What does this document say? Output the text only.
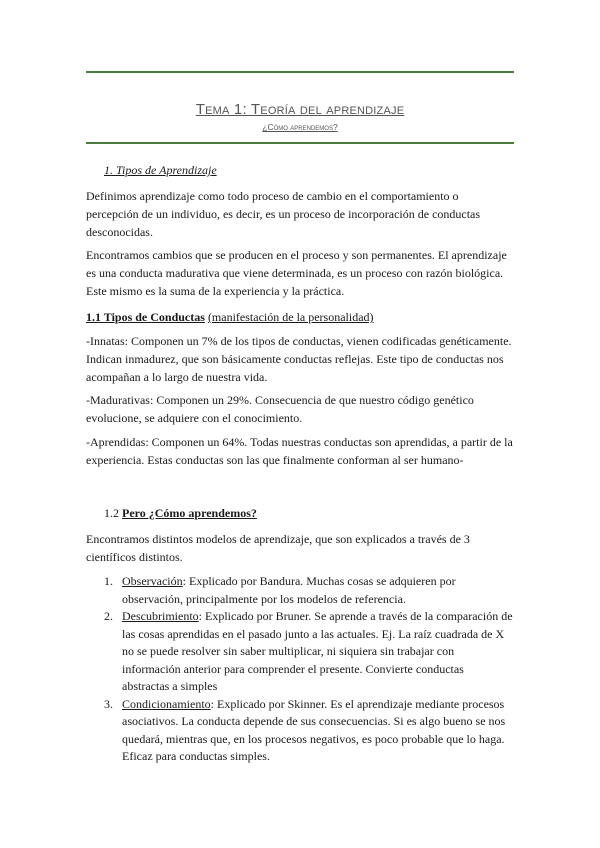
Tema 1: Teoría del aprendizaje
¿Cómo aprendemos?
1. Tipos de Aprendizaje

Definimos aprendizaje como todo proceso de cambio en el comportamiento o percepción de un individuo, es decir, es un proceso de incorporación de conductas desconocidas.

Encontramos cambios que se producen en el proceso y son permanentes. El aprendizaje es una conducta madurativa que viene determinada, es un proceso con razón biológica. Este mismo es la suma de la experiencia y la práctica.

1.1 Tipos de Conductas (manifestación de la personalidad)

-Innatas: Componen un 7% de los tipos de conductas, vienen codificadas genéticamente. Indican inmadurez, que son básicamente conductas reflejas. Este tipo de conductas nos acompañan a lo largo de nuestra vida.

-Madurativas: Componen un 29%. Consecuencia de que nuestro código genético evolucione, se adquiere con el conocimiento.

-Aprendidas: Componen un 64%. Todas nuestras conductas son aprendidas, a partir de la experiencia. Estas conductas son las que finalmente conforman al ser humano-

1.2 Pero ¿Cómo aprendemos?

Encontramos distintos modelos de aprendizaje, que son explicados a través de 3 científicos distintos.

1. Observación: Explicado por Bandura. Muchas cosas se adquieren por observación, principalmente por los modelos de referencia.
2. Descubrimiento: Explicado por Bruner. Se aprende a través de la comparación de las cosas aprendidas en el pasado junto a las actuales. Ej. La raíz cuadrada de X no se puede resolver sin saber multiplicar, ni siquiera sin trabajar con información anterior para comprender el presente. Convierte conductas abstractas a simples
3. Condicionamiento: Explicado por Skinner. Es el aprendizaje mediante procesos asociativos. La conducta depende de sus consecuencias. Si es algo bueno se nos quedará, mientras que, en los procesos negativos, es poco probable que lo haga. Eficaz para conductas simples.
